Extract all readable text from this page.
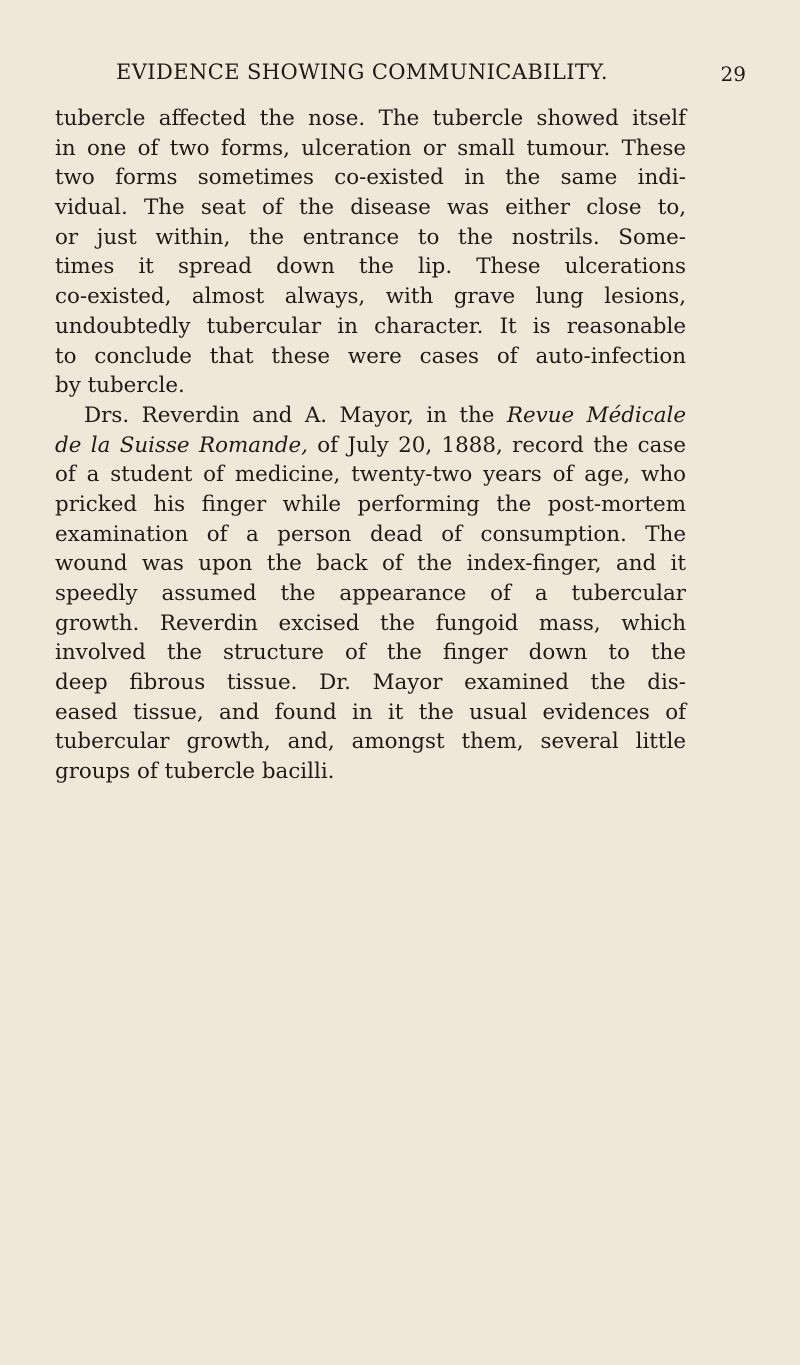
EVIDENCE SHOWING COMMUNICABILITY.	29
tubercle affected the nose. The tubercle showed itself
in one of two forms, ulceration or small tumour. These
two forms sometimes co-existed in the same indi-
vidual. The seat of the disease was either close to,
or just within, the entrance to the nostrils. Some-
times it spread down the lip. These ulcerations
co-existed, almost always, with grave lung lesions,
undoubtedly tubercular in character. It is reasonable
to conclude that these were cases of auto-infection
by tubercle.
Drs. Reverdin and A. Mayor, in the Revue Médicale
de la Suisse Romande, of July 20, 1888, record the case
of a student of medicine, twenty-two years of age, who
pricked his finger while performing the post-mortem
examination of a person dead of consumption. The
wound was upon the back of the index-finger, and it
speedly assumed the appearance of a tubercular
growth. Reverdin excised the fungoid mass, which
involved the structure of the finger down to the
deep fibrous tissue. Dr. Mayor examined the dis-
eased tissue, and found in it the usual evidences of
tubercular growth, and, amongst them, several little
groups of tubercle bacilli.
